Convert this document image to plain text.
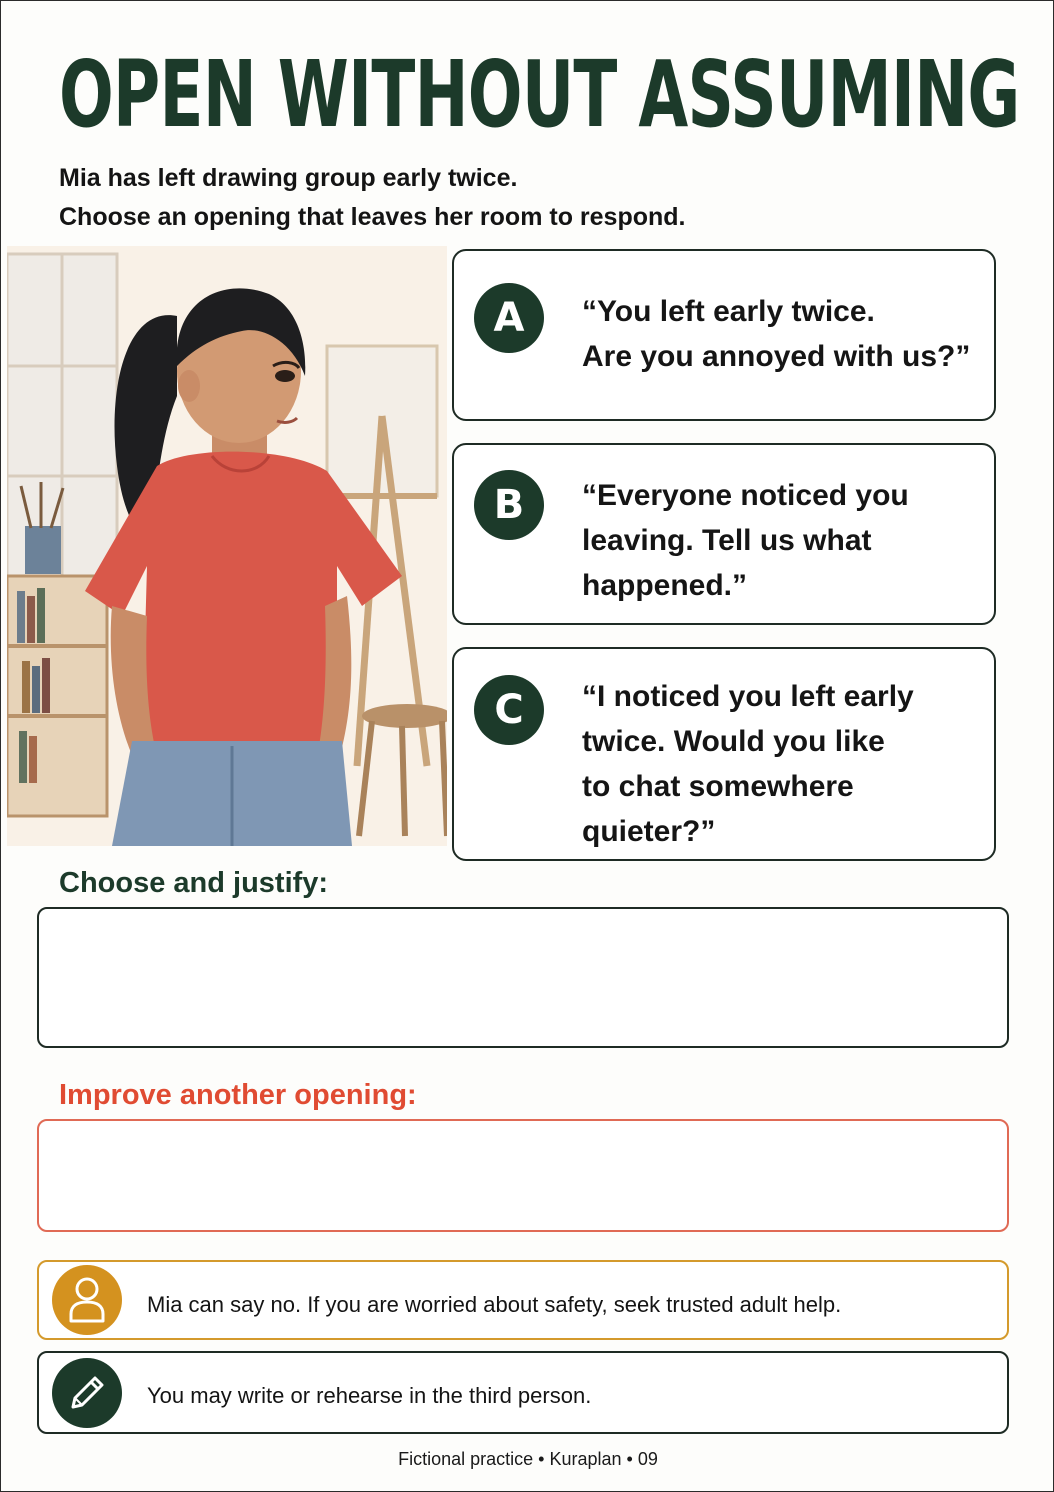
OPEN WITHOUT ASSUMING
Mia has left drawing group early twice.
Choose an opening that leaves her room to respond.
A	“You left early twice.
Are you annoyed with us?”
B	“Everyone noticed you
leaving. Tell us what
happened.”
C	“I noticed you left early
twice. Would you like
to chat somewhere
quieter?”
Choose and justify:
Improve another opening:
Mia can say no. If you are worried about safety, seek trusted adult help.
You may write or rehearse in the third person.
Fictional practice • Kuraplan • 09
